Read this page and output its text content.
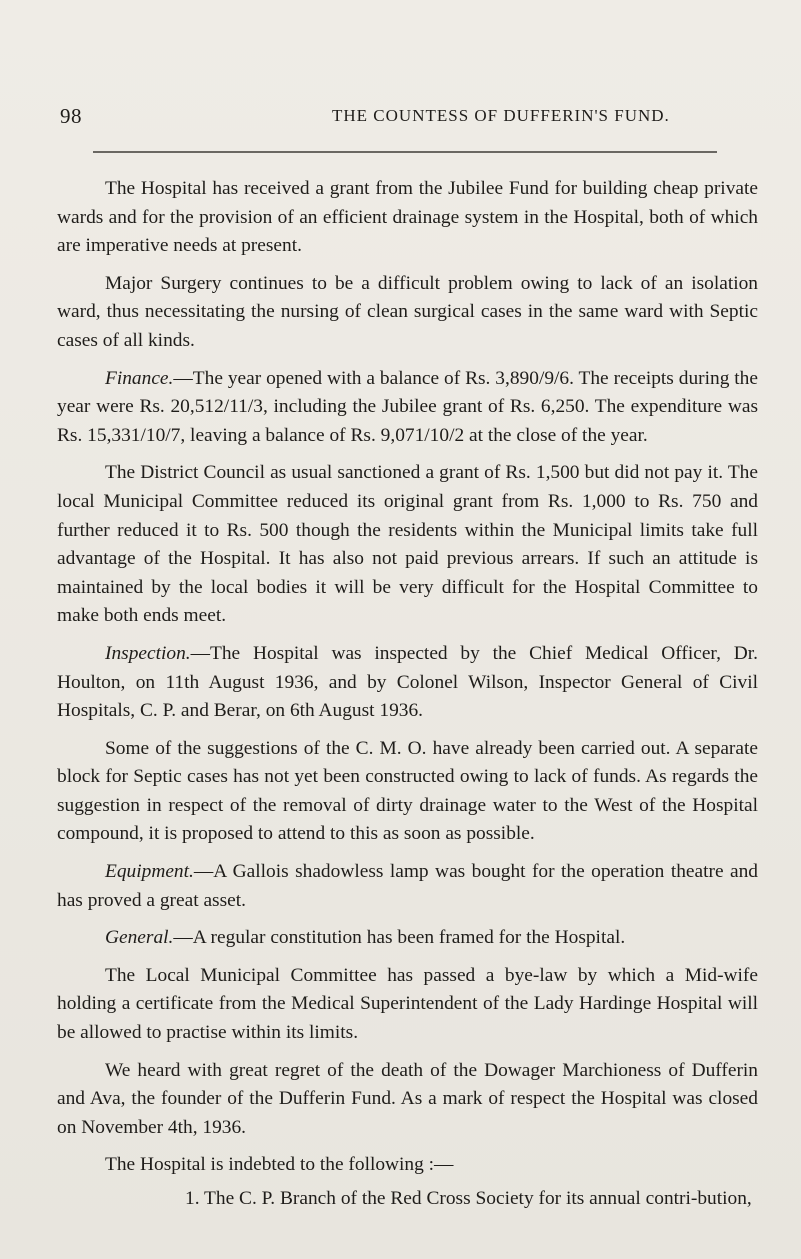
98	THE COUNTESS OF DUFFERIN'S FUND.

The Hospital has received a grant from the Jubilee Fund for building cheap private wards and for the provision of an efficient drainage system in the Hospital, both of which are imperative needs at present.

Major Surgery continues to be a difficult problem owing to lack of an isolation ward, thus necessitating the nursing of clean surgical cases in the same ward with Septic cases of all kinds.

Finance.—The year opened with a balance of Rs. 3,890/9/6. The receipts during the year were Rs. 20,512/11/3, including the Jubilee grant of Rs. 6,250. The expenditure was Rs. 15,331/10/7, leaving a balance of Rs. 9,071/10/2 at the close of the year.

The District Council as usual sanctioned a grant of Rs. 1,500 but did not pay it. The local Municipal Committee reduced its original grant from Rs. 1,000 to Rs. 750 and further reduced it to Rs. 500 though the residents within the Municipal limits take full advantage of the Hospital. It has also not paid previous arrears. If such an attitude is maintained by the local bodies it will be very difficult for the Hospital Committee to make both ends meet.

Inspection.—The Hospital was inspected by the Chief Medical Officer, Dr. Houlton, on 11th August 1936, and by Colonel Wilson, Inspector General of Civil Hospitals, C. P. and Berar, on 6th August 1936.

Some of the suggestions of the C. M. O. have already been carried out. A separate block for Septic cases has not yet been constructed owing to lack of funds. As regards the suggestion in respect of the removal of dirty drainage water to the West of the Hospital compound, it is proposed to attend to this as soon as possible.

Equipment.—A Gallois shadowless lamp was bought for the operation theatre and has proved a great asset.

General.—A regular constitution has been framed for the Hospital.

The Local Municipal Committee has passed a bye-law by which a Mid-wife holding a certificate from the Medical Superintendent of the Lady Hardinge Hospital will be allowed to practise within its limits.

We heard with great regret of the death of the Dowager Marchioness of Dufferin and Ava, the founder of the Dufferin Fund. As a mark of respect the Hospital was closed on November 4th, 1936.

The Hospital is indebted to the following :—

1. The C. P. Branch of the Red Cross Society for its annual contri-bution,
